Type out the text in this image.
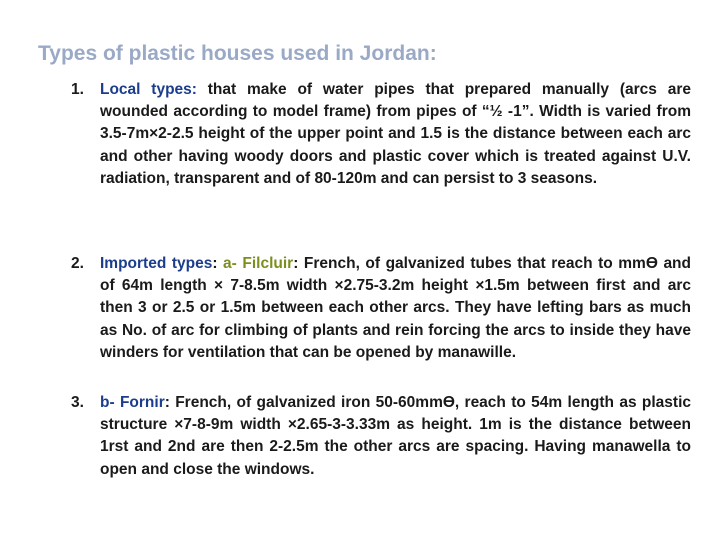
Types of plastic houses used in Jordan:
1. Local types: that make of water pipes that prepared manually (arcs are wounded according to model frame) from pipes of “½ -1”. Width is varied from 3.5-7m×2-2.5 height of the upper point and 1.5 is the distance between each arc and other having woody doors and plastic cover which is treated against U.V. radiation, transparent and of 80-120m and can persist to 3 seasons.
2. Imported types: a- Filcluir: French, of galvanized tubes that reach to mmϴ and of 64m length × 7-8.5m width ×2.75-3.2m height ×1.5m between first and arc then 3 or 2.5 or 1.5m between each other arcs. They have lefting bars as much as No. of arc for climbing of plants and rein forcing the arcs to inside they have winders for ventilation that can be opened by manawille.
3. b- Fornir: French, of galvanized iron 50-60mmϴ, reach to 54m length as plastic structure ×7-8-9m width ×2.65-3-3.33m as height. 1m is the distance between 1rst and 2nd are then 2-2.5m the other arcs are spacing. Having manawella to open and close the windows.
